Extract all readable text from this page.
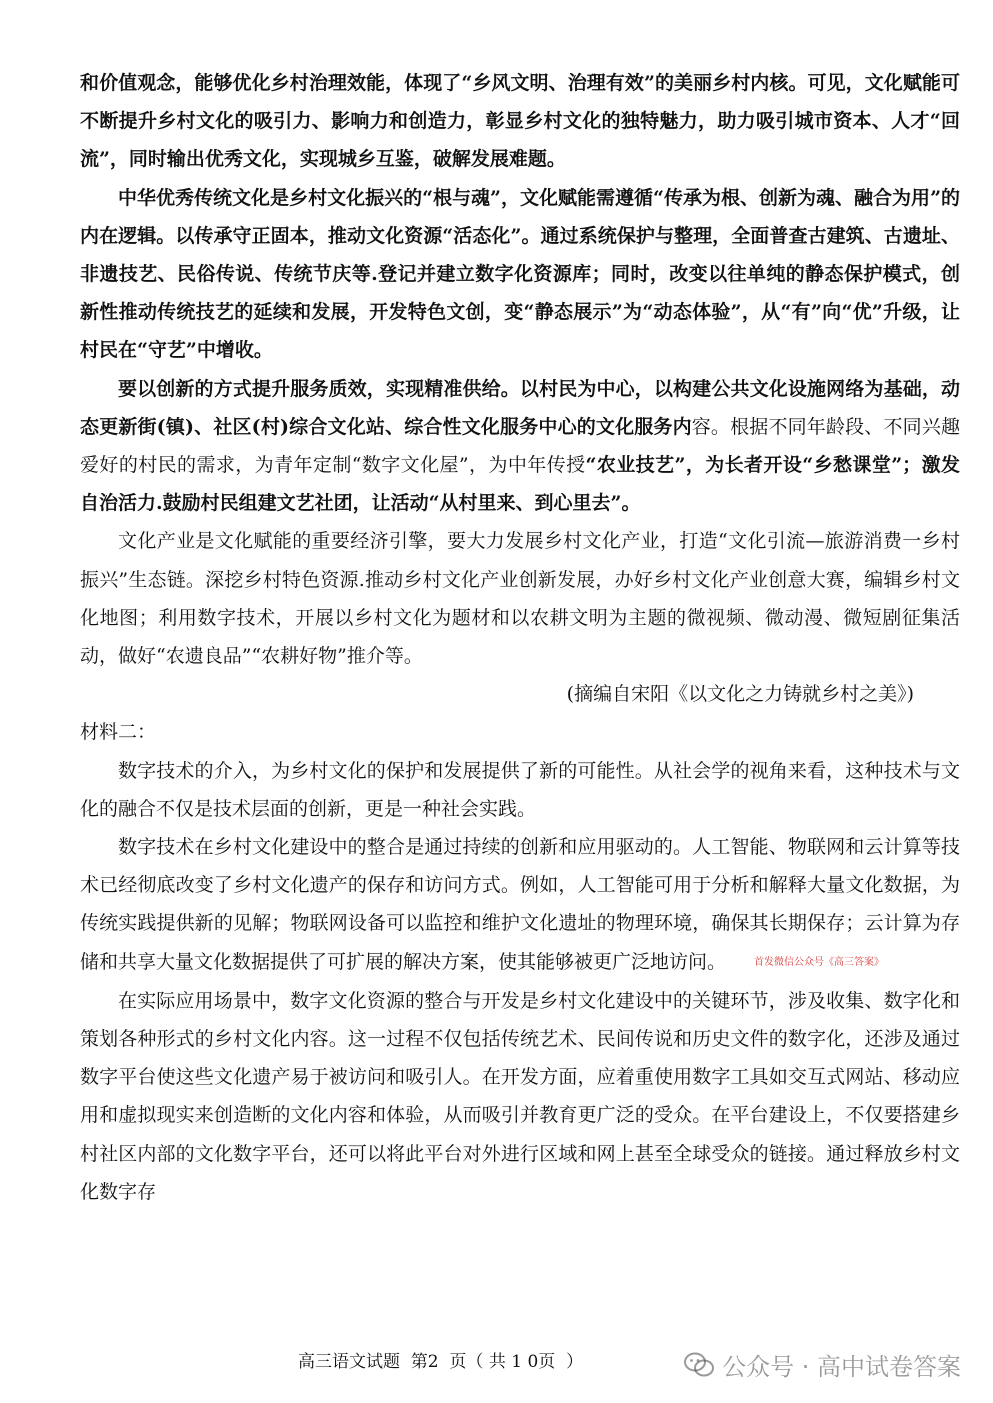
和价值观念，能够优化乡村治理效能，体现了“乡风文明、治理有效”的美丽乡村内核。可见，文化赋能可不断提升乡村文化的吸引力、影响力和创造力，彰显乡村文化的独特魅力，助力吸引城市资本、人才“回流”，同时输出优秀文化，实现城乡互鉴，破解发展难题。

中华优秀传统文化是乡村文化振兴的“根与魂”，文化赋能需遵循“传承为根、创新为魂、融合为用”的内在逻辑。以传承守正固本，推动文化资源“活态化”。通过系统保护与整理，全面普查古建筑、古遗址、非遗技艺、民俗传说、传统节庆等.登记并建立数字化资源库；同时，改变以往单纯的静态保护模式，创新性推动传统技艺的延续和发展，开发特色文创，变“静态展示”为“动态体验”，从“有”向“优”升级，让村民在“守艺”中增收。

要以创新的方式提升服务质效，实现精准供给。以村民为中心，以构建公共文化设施网络为基础，动态更新街(镇)、社区(村)综合文化站、综合性文化服务中心的文化服务内容。根据不同年龄段、不同兴趣爱好的村民的需求，为青年定制“数字文化屋”，为中年传授“农业技艺”，为长者开设“乡愁课堂”；激发自治活力.鼓励村民组建文艺社团，让活动“从村里来、到心里去”。

文化产业是文化赋能的重要经济引擎，要大力发展乡村文化产业，打造“文化引流—旅游消费一乡村振兴”生态链。深挖乡村特色资源.推动乡村文化产业创新发展，办好乡村文化产业创意大赛，编辑乡村文化地图；利用数字技术，开展以乡村文化为题材和以农耕文明为主题的微视频、微动漫、微短剧征集活动，做好“农遗良品”“农耕好物”推介等。

(摘编自宋阳《以文化之力铸就乡村之美》)

材料二：

数字技术的介入，为乡村文化的保护和发展提供了新的可能性。从社会学的视角来看，这种技术与文化的融合不仅是技术层面的创新，更是一种社会实践。

数字技术在乡村文化建设中的整合是通过持续的创新和应用驱动的。人工智能、物联网和云计算等技术已经彻底改变了乡村文化遗产的保存和访问方式。例如，人工智能可用于分析和解释大量文化数据，为传统实践提供新的见解；物联网设备可以监控和维护文化遗址的物理环境，确保其长期保存；云计算为存储和共享大量文化数据提供了可扩展的解决方案，使其能够被更广泛地访问。	首发微信公众号《高三答案》

在实际应用场景中，数字文化资源的整合与开发是乡村文化建设中的关键环节，涉及收集、数字化和策划各种形式的乡村文化内容。这一过程不仅包括传统艺术、民间传说和历史文件的数字化，还涉及通过数字平台使这些文化遗产易于被访问和吸引人。在开发方面，应着重使用数字工具如交互式网站、移动应用和虚拟现实来创造断的文化内容和体验，从而吸引并教育更广泛的受众。在平台建设上，不仅要搭建乡村社区内部的文化数字平台，还可以将此平台对外进行区域和网上甚至全球受众的链接。通过释放乡村文化数字存

高三语文试题  第2  页（ 共 1 0页  ）	公众号 · 高中试卷答案
